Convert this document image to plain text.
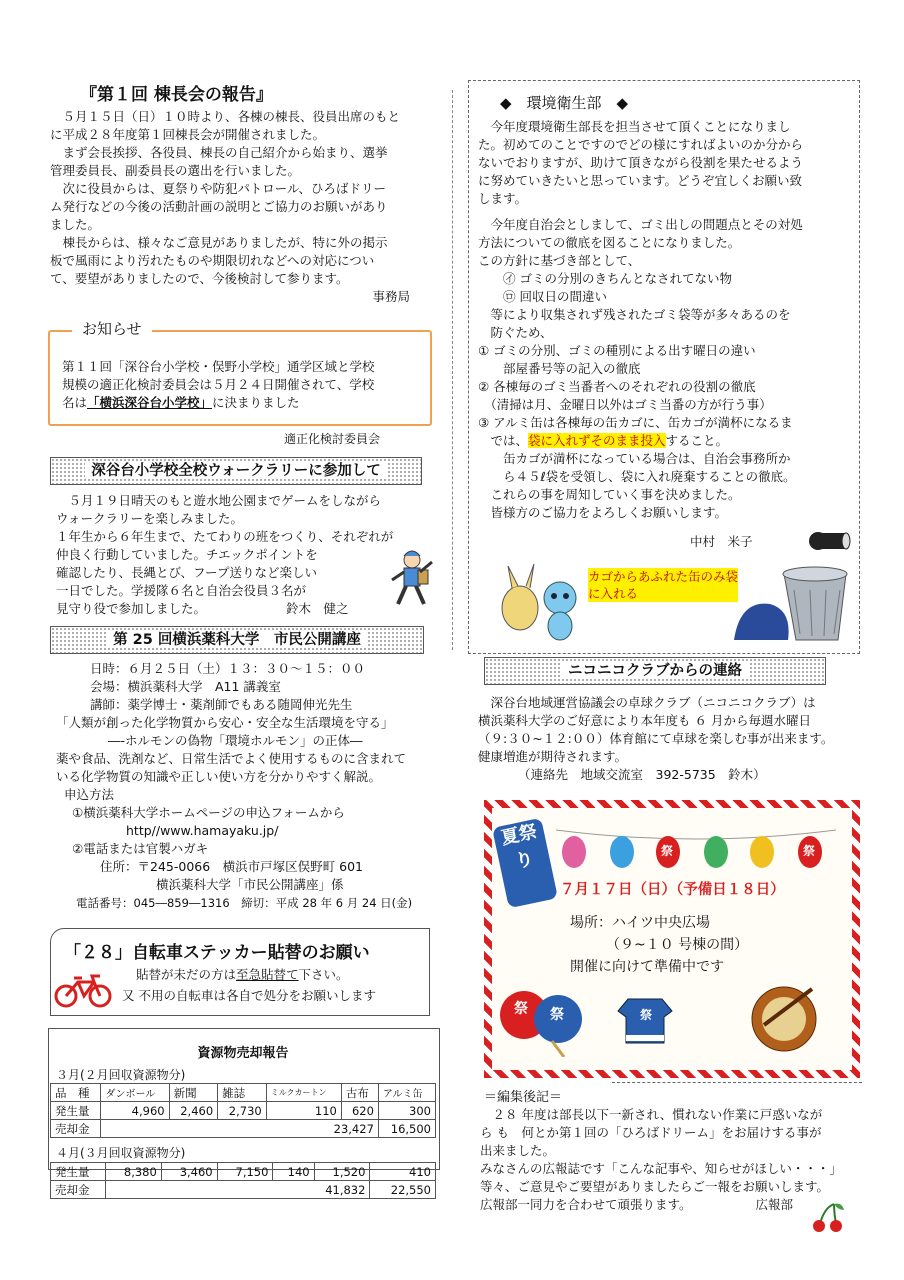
『第１回 棟長会の報告』

　５月１５日（日）１０時より、各棟の棟長、役員出席のもと

に平成２８年度第１回棟長会が開催されました。

　まず会長挨拶、各役員、棟長の自己紹介から始まり、選挙

管理委員長、副委員長の選出を行いました。

　次に役員からは、夏祭りや防犯パトロール、ひろばドリー

ム発行などの今後の活動計画の説明とご協力のお願いがあり

ました。

　棟長からは、様々なご意見がありましたが、特に外の掲示

板で風雨により汚れたものや期限切れなどへの対応につい

て、要望がありましたので、今後検討して参ります。

事務局

お知らせ

第１１回「深谷台小学校・俣野小学校」通学区域と学校

規模の適正化検討委員会は５月２４日開催されて、学校

名は「横浜深谷台小学校」に決まりました

適正化検討委員会
深谷台小学校全校ウォークラリーに参加して

　５月１９日晴天のもと遊水地公園までゲームをしながら

ウォークラリーを楽しみました。

１年生から６年生まで、たてわりの班をつくり、それぞれが

仲良く行動していました。チエックポイントを

確認したり、長縄とび、フープ送りなど楽しい

一日でした。学援隊６名と自治会役員３名が

見守り役で参加しました。	鈴木　健之

第 25 回横浜薬科大学　市民公開講座

日時：６月２５日（土）１３：３０～１５：００

会場：横浜薬科大学　A11 講義室

講師：薬学博士・薬剤師でもある随岡伸光先生

「人類が創った化学物質から安心・安全な生活環境を守る」

―-ホルモンの偽物「環境ホルモン」の正体―

薬や食品、洗剤など、日常生活でよく使用するものに含まれて

いる化学物質の知識や正しい使い方を分かりやすく解説。

申込方法

①横浜薬科大学ホームページの申込フォームから

http//www.hamayaku.jp/

②電話または官製ハガキ

住所：〒245‐0066　横浜市戸塚区俣野町 601

横浜薬科大学「市民公開講座」係

電話番号：045―859―1316　締切：平成 28 年 6 月 24 日(金)

「２８」自転車ステッカー貼替のお願い
貼替が未だの方は至急貼替て下さい。
又 不用の自転車は各自で処分をお願いします
資源物売却報告
３月(２月回収資源物分)
品　種	ダンボール	新聞	雑誌	ミルクカートン	古布	アルミ缶
発生量	4,960	2,460	2,730	110	620	300
売却金	23,427					16,500
４月(３月回収資源物分)
発生量	8,380	3,460	7,150	140	1,520	410
売却金	41,832					22,550
◆　環境衛生部　◆

　今年度環境衛生部長を担当させて頂くことになりまし

た。初めてのことですのでどの様にすればよいのか分から

ないでおりますが、助けて頂きながら役割を果たせるよう

に努めていきたいと思っています。どうぞ宜しくお願い致

します。

　今年度自治会としまして、ゴミ出しの問題点とその対処

方法についての徹底を図ることになりました。

この方針に基づき部として、

　　㋑ ゴミの分別のきちんとなされてない物

　　㋺ 回収日の間違い

　等により収集されず残されたゴミ袋等が多々あるのを

　防ぐため、

① ゴミの分別、ゴミの種別による出す曜日の違い

　　部屋番号等の記入の徹底

② 各棟毎のゴミ当番者へのそれぞれの役割の徹底

　（清掃は月、金曜日以外はゴミ当番の方が行う事）

③ アルミ缶は各棟毎の缶カゴに、缶カゴが満杯になるま

　では、袋に入れずそのまま投入すること。

　　缶カゴが満杯になっている場合は、自治会事務所か

　　ら４５ℓ袋を受領し、袋に入れ廃棄することの徹底。

　これらの事を周知していく事を決めました。

　皆様方のご協力をよろしくお願いします。

中村　米子
カゴからあふれた缶のみ袋に入れる
ニコニコクラブからの連絡

　深谷台地域運営協議会の卓球クラブ（ニコニコクラブ）は

横浜薬科大学のご好意により本年度も ６ 月から毎週水曜日

（９:３０~１２:００）体育館にて卓球を楽しむ事が出来ます。

健康増進が期待されます。

（連絡先　地域交流室　392-5735　鈴木）

夏祭り	祭	祭
７月１７日（日）（予備日１８日）
場所：ハイツ中央広場
（９~１０ 号棟の間）
開催に向けて準備中です
祭 祭	祭
＝編集後記＝

　２８ 年度は部長以下一新され、慣れない作業に戸惑いなが

ら も　何とか第１回の「ひろばドリーム」をお届けする事が

出来ました。

みなさんの広報誌です「こんな記事や、知らせがほしい・・・」

等々、ご意見やご要望がありましたらご一報をお願いします。

広報部一同力を合わせて頑張ります。	広報部
